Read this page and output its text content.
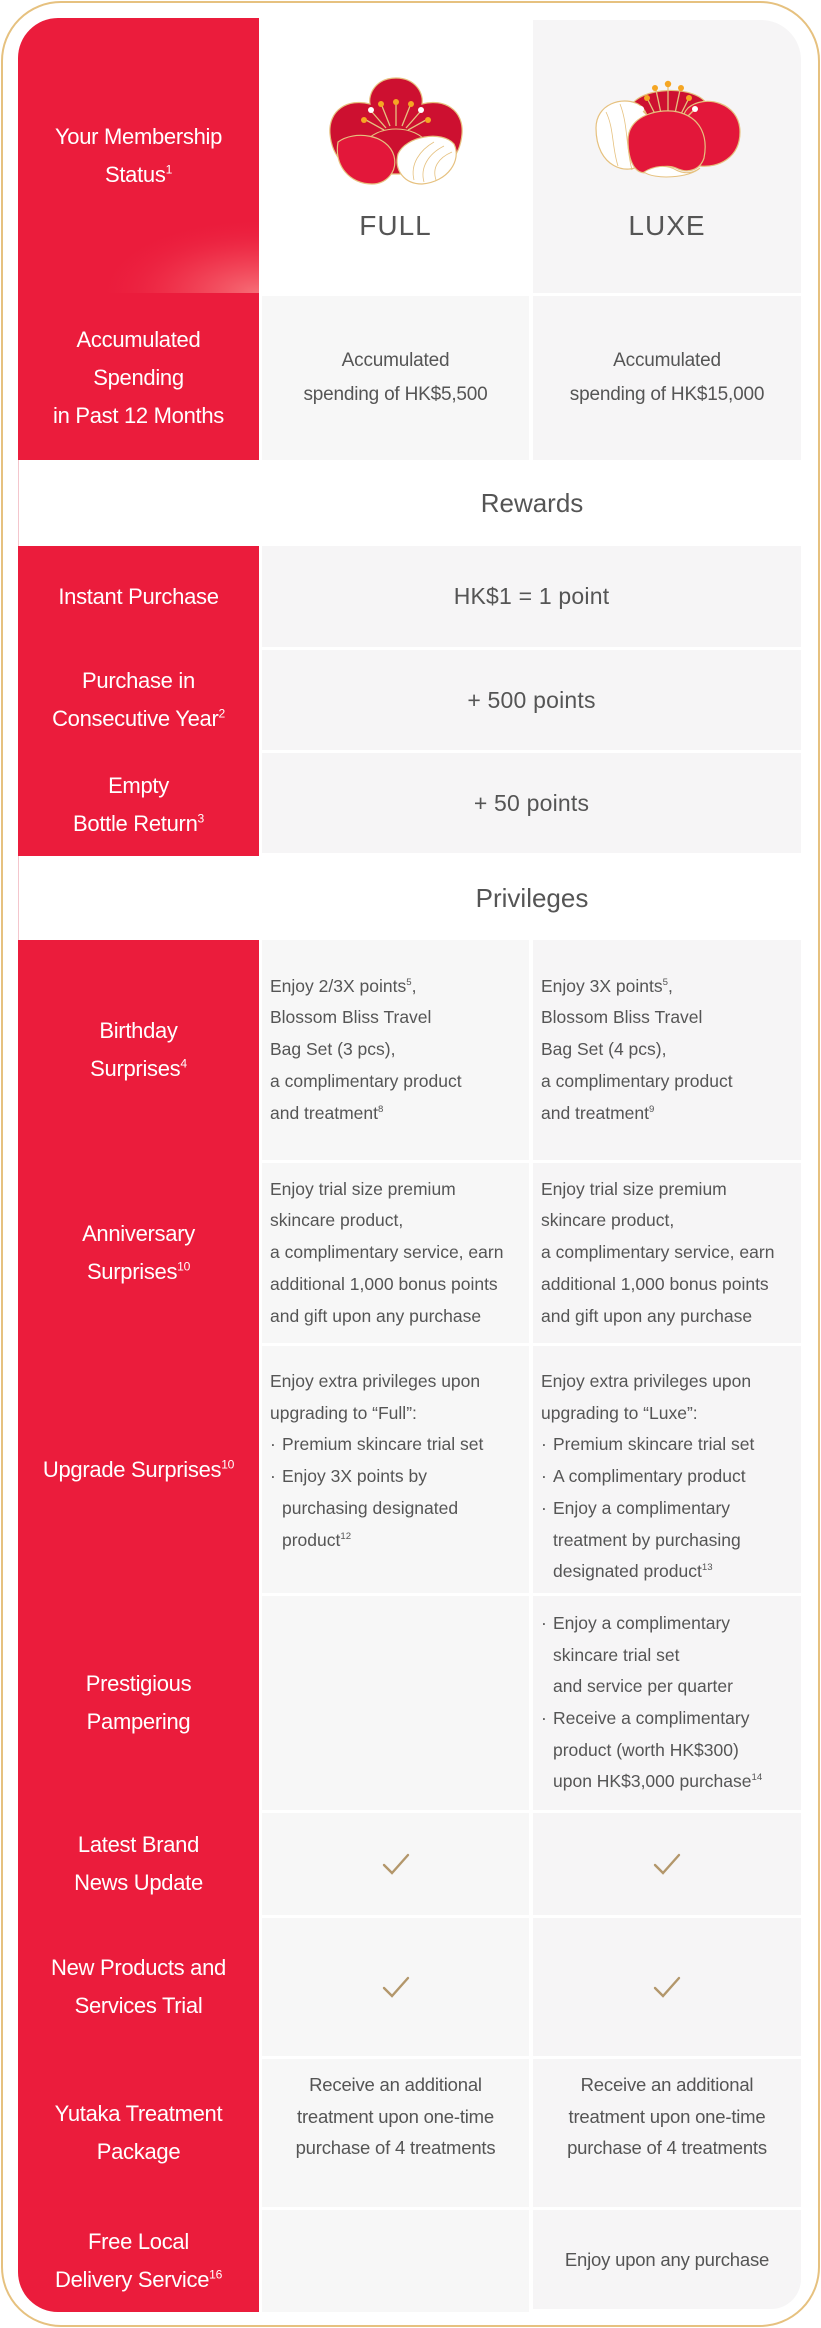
Your Membership
Status$^1$
FULL	LUXE
Accumulated
Spending
in Past 12 Months
Accumulated
spending of HK$5,500
Accumulated
spending of HK$15,000
Rewards
Instant Purchase	HK$1 = 1 point
Purchase in
Consecutive Year$^2$
+ 500 points
Empty
Bottle Return$^3$
+ 50 points
Privileges
Birthday
Surprises$^4$
Enjoy 2/3X points$^5$,
Blossom Bliss Travel
Bag Set (3 pcs),
a complimentary product
and treatment$^8$
Enjoy 3X points$^5$,
Blossom Bliss Travel
Bag Set (4 pcs),
a complimentary product
and treatment$^9$
Anniversary
Surprises$^{10}$
Enjoy trial size premium
skincare product,
a complimentary service, earn
additional 1,000 bonus points
and gift upon any purchase
Enjoy trial size premium
skincare product,
a complimentary service, earn
additional 1,000 bonus points
and gift upon any purchase
Upgrade Surprises$^{10}$
Enjoy extra privileges upon
upgrading to “Full”:
· Premium skincare trial set
· Enjoy 3X points by
purchasing designated
product$^{12}$
Enjoy extra privileges upon
upgrading to “Luxe”:
· Premium skincare trial set
· A complimentary product
· Enjoy a complimentary
treatment by purchasing
designated product$^{13}$
Prestigious
Pampering
· Enjoy a complimentary
skincare trial set
and service per quarter
· Receive a complimentary
product (worth HK$300)
upon HK$3,000 purchase$^{14}$
Latest Brand
News Update
New Products and
Services Trial
Yutaka Treatment
Package
Receive an additional
treatment upon one-time
purchase of 4 treatments
Receive an additional
treatment upon one-time
purchase of 4 treatments
Free Local
Delivery Service$^{16}$
Enjoy upon any purchase
